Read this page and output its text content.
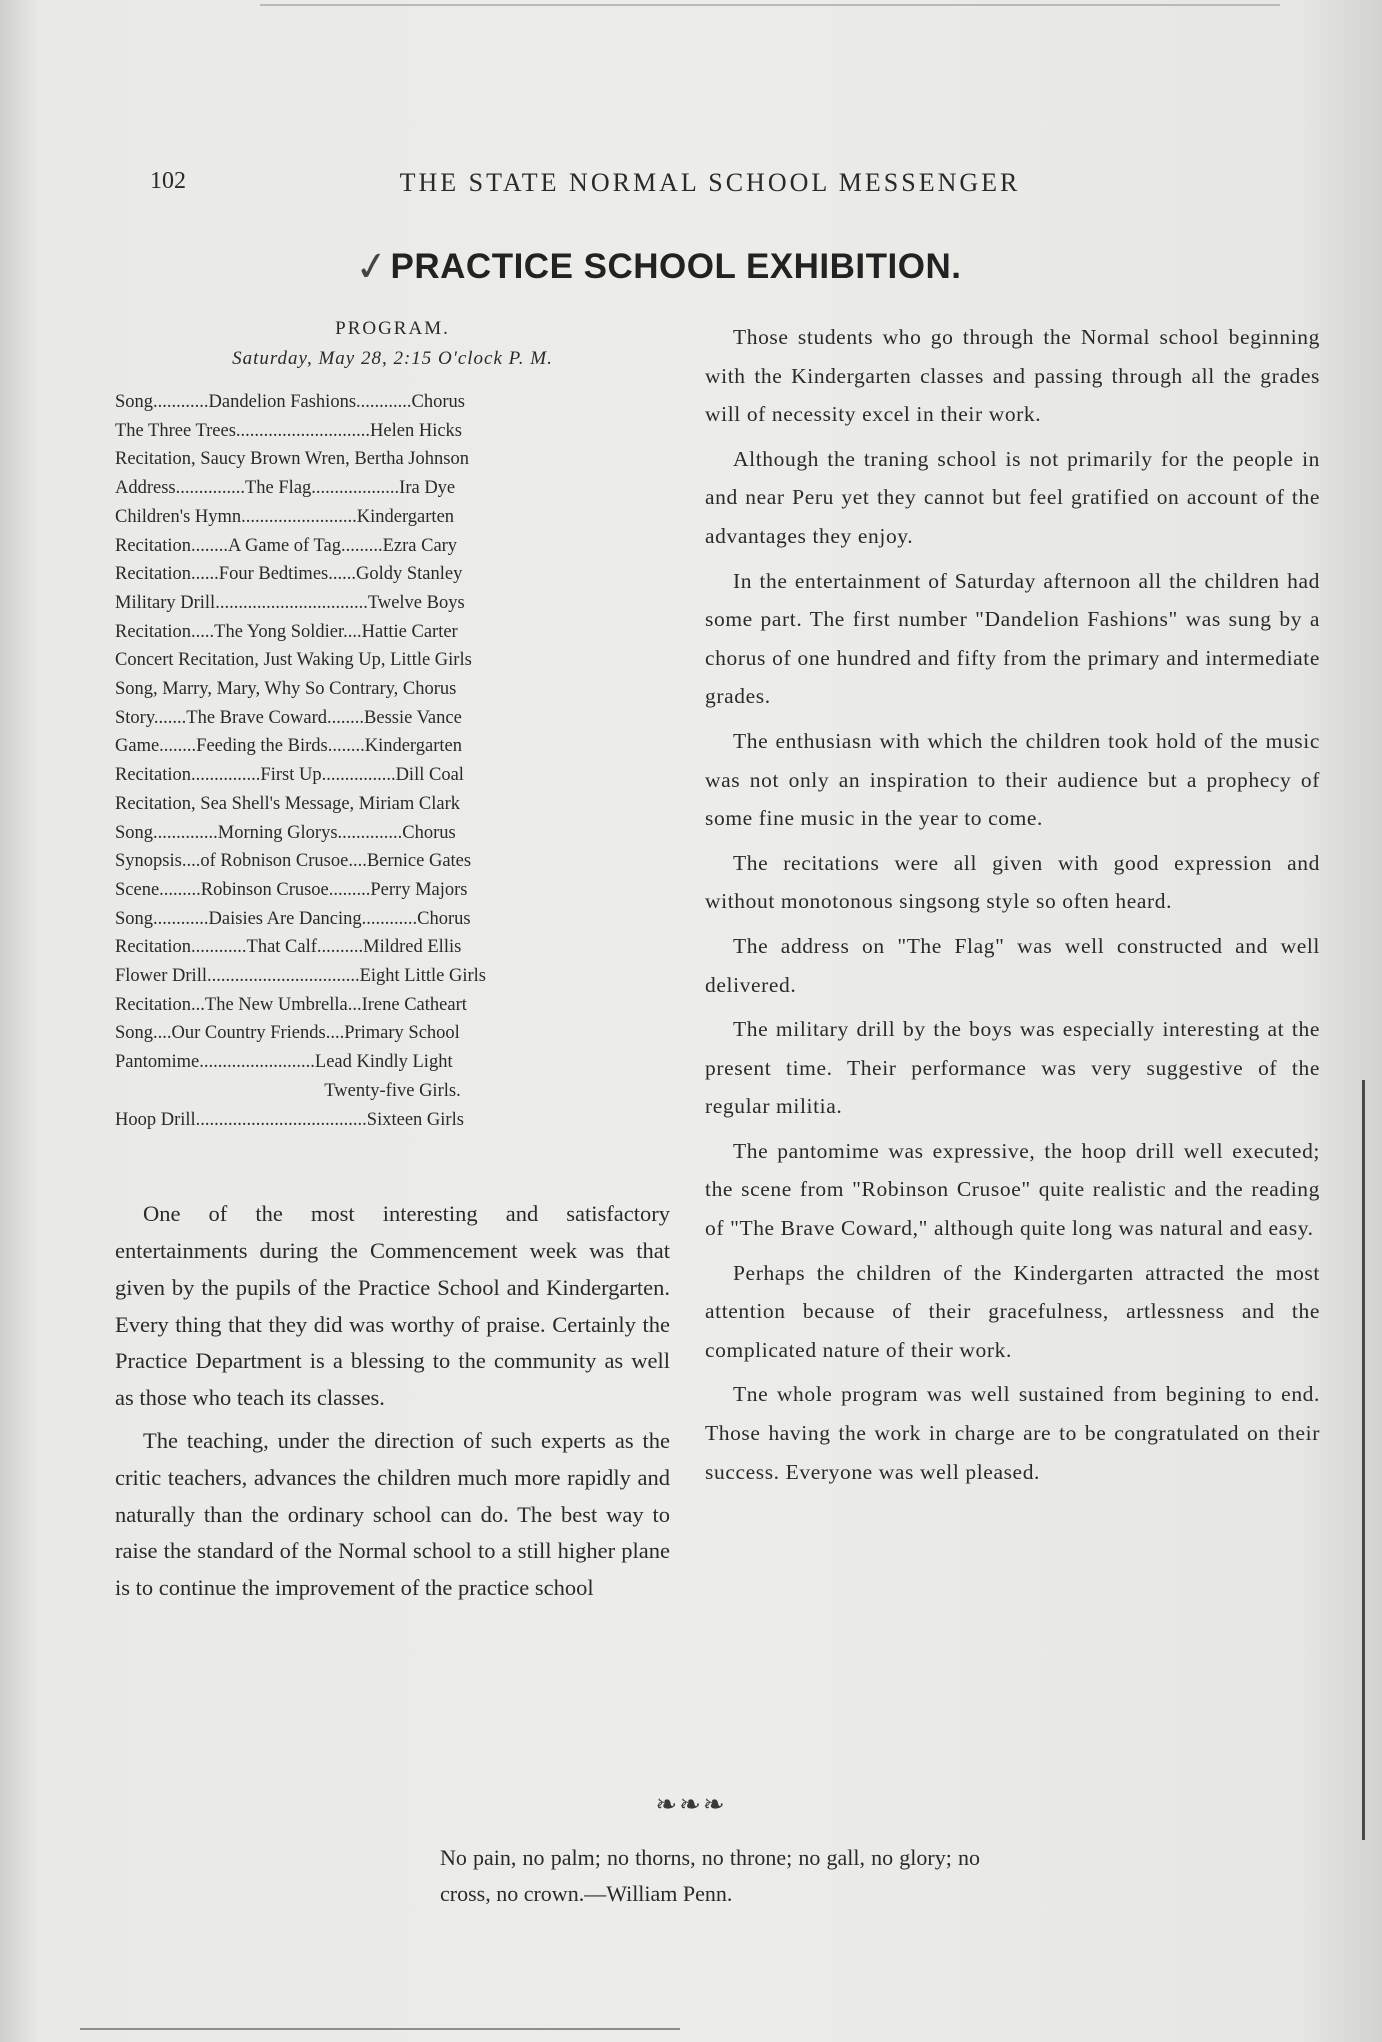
102	THE STATE NORMAL SCHOOL MESSENGER
✓ PRACTICE SCHOOL EXHIBITION.
PROGRAM.
Saturday, May 28, 2:15 O'clock P. M.
Song............Dandelion Fashions............Chorus
The Three Trees.............................Helen Hicks
Recitation, Saucy Brown Wren, Bertha Johnson
Address...............The Flag...................Ira Dye
Children's Hymn.........................Kindergarten
Recitation........A Game of Tag.........Ezra Cary
Recitation......Four Bedtimes......Goldy Stanley
Military Drill.................................Twelve Boys
Recitation.....The Yong Soldier....Hattie Carter
Concert Recitation, Just Waking Up, Little Girls
Song, Marry, Mary, Why So Contrary, Chorus
Story.......The Brave Coward........Bessie Vance
Game........Feeding the Birds........Kindergarten
Recitation...............First Up................Dill Coal
Recitation, Sea Shell's Message, Miriam Clark
Song..............Morning Glorys..............Chorus
Synopsis....of Robnison Crusoe....Bernice Gates
Scene.........Robinson Crusoe.........Perry Majors
Song............Daisies Are Dancing............Chorus
Recitation............That Calf..........Mildred Ellis
Flower Drill.................................Eight Little Girls
Recitation...The New Umbrella...Irene Catheart
Song....Our Country Friends....Primary School
Pantomime.........................Lead Kindly Light
Twenty-five Girls.
Hoop Drill.....................................Sixteen Girls

One of the most interesting and satisfactory entertainments during the Commencement week was that given by the pupils of the Practice School and Kindergarten. Every thing that they did was worthy of praise. Certainly the Practice Department is a blessing to the community as well as those who teach its classes.

The teaching, under the direction of such experts as the critic teachers, advances the children much more rapidly and naturally than the ordinary school can do. The best way to raise the standard of the Normal school to a still higher plane is to continue the improvement of the practice school

Those students who go through the Normal school beginning with the Kindergarten classes and passing through all the grades will of necessity excel in their work.

Although the traning school is not primarily for the people in and near Peru yet they cannot but feel gratified on account of the advantages they enjoy.

In the entertainment of Saturday afternoon all the children had some part. The first number "Dandelion Fashions" was sung by a chorus of one hundred and fifty from the primary and intermediate grades.

The enthusiasn with which the children took hold of the music was not only an inspiration to their audience but a prophecy of some fine music in the year to come.

The recitations were all given with good expression and without monotonous singsong style so often heard.

The address on "The Flag" was well constructed and well delivered.

The military drill by the boys was especially interesting at the present time. Their performance was very suggestive of the regular militia.

The pantomime was expressive, the hoop drill well executed; the scene from "Robinson Crusoe" quite realistic and the reading of "The Brave Coward," although quite long was natural and easy.

Perhaps the children of the Kindergarten attracted the most attention because of their gracefulness, artlessness and the complicated nature of their work.

Tne whole program was well sustained from begining to end. Those having the work in charge are to be congratulated on their success. Everyone was well pleased.

❧❧❧
No pain, no palm; no thorns, no throne; no gall, no glory; no cross, no crown.—William Penn.
